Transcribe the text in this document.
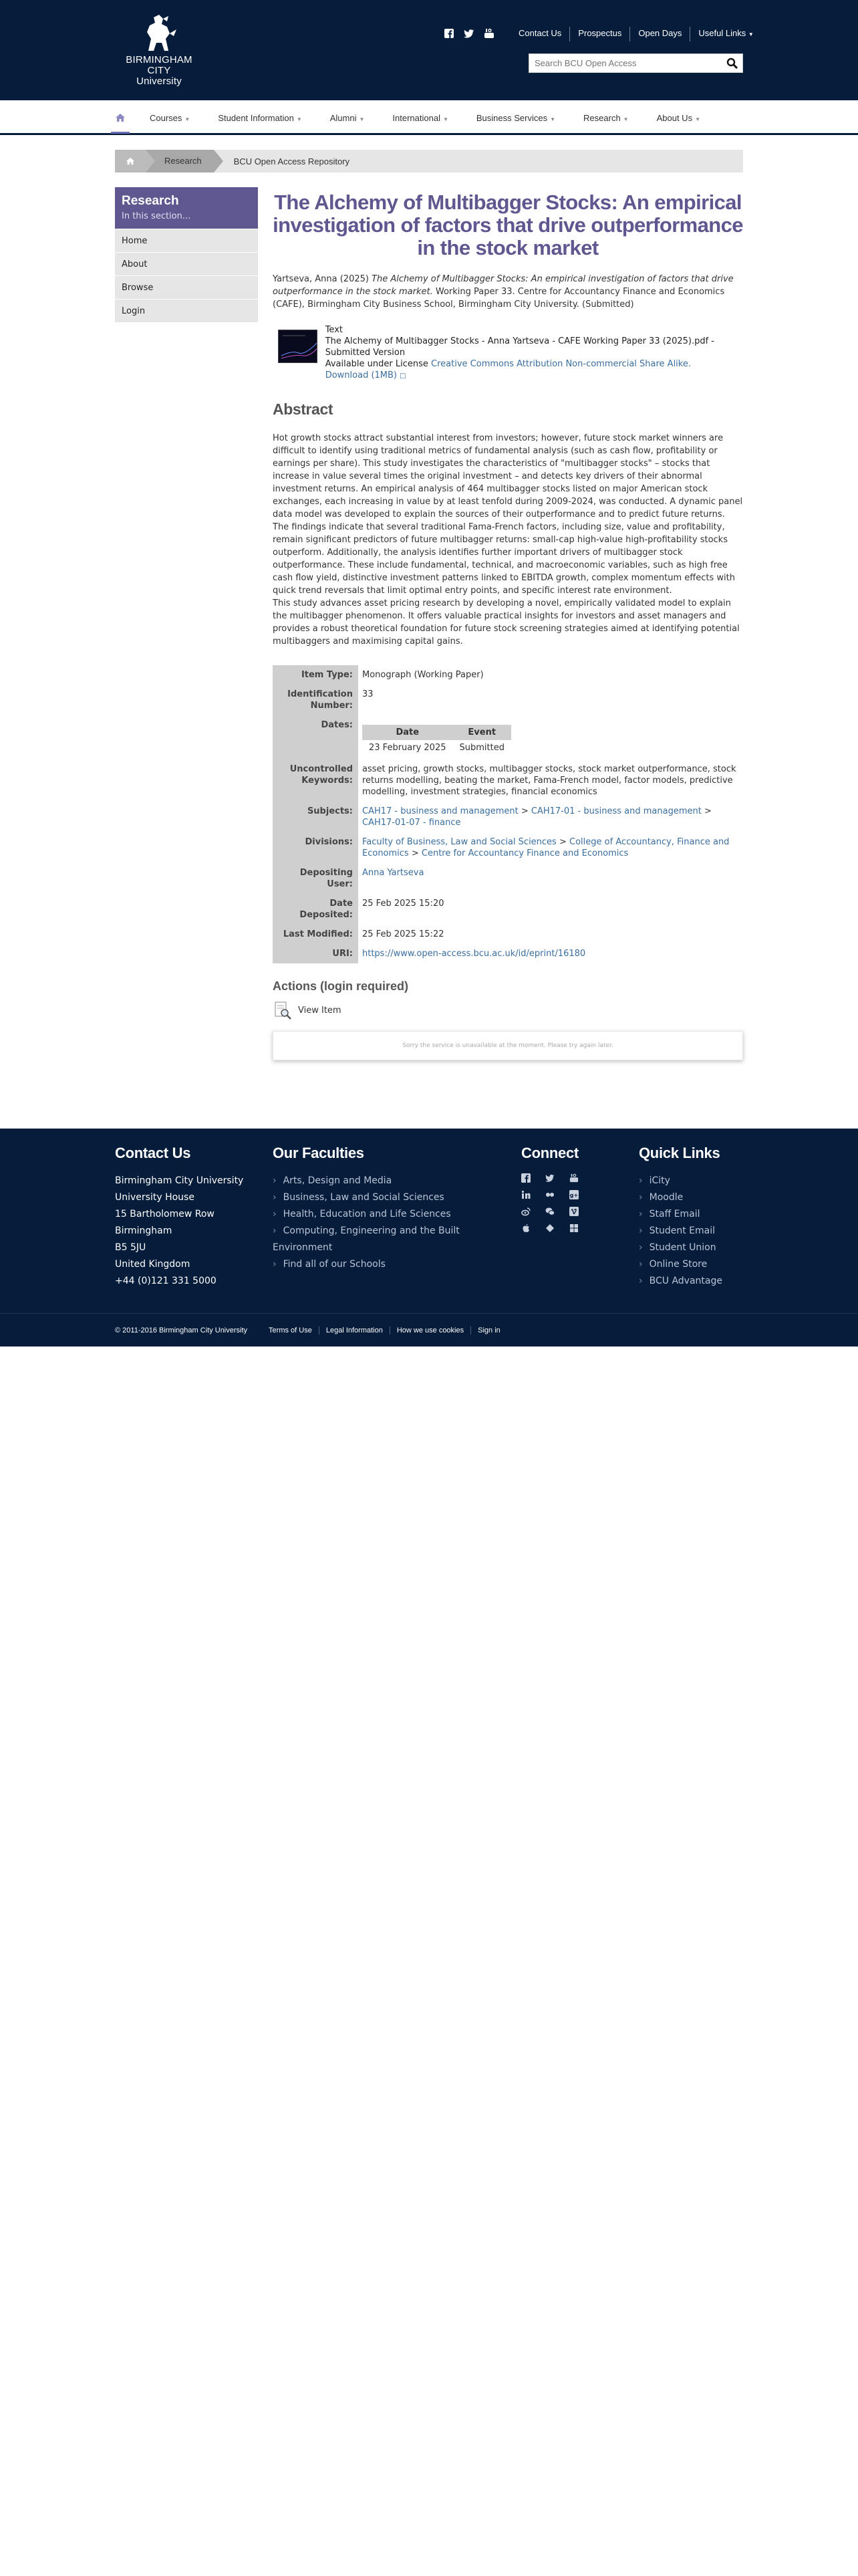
BIRMINGHAM CITY
University
Contact Us	Prospectus	Open Days	Useful Links ▼
Search BCU Open Access
Courses ▼	Student Information ▼	Alumni ▼	International ▼	Business Services ▼	Research ▼	About Us ▼
Research	BCU Open Access Repository
Research
In this section...
Home
About
Browse
Login
The Alchemy of Multibagger Stocks: An empirical investigation of factors that drive outperformance in the stock market

Yartseva, Anna (2025) The Alchemy of Multibagger Stocks: An empirical investigation of factors that drive outperformance in the stock market. Working Paper 33. Centre for Accountancy Finance and Economics (CAFE), Birmingham City Business School, Birmingham City University. (Submitted)

Text
The Alchemy of Multibagger Stocks - Anna Yartseva - CAFE Working Paper 33 (2025).pdf - Submitted Version
Available under License Creative Commons Attribution Non-commercial Share Alike.
Download (1MB) □
Abstract

Hot growth stocks attract substantial interest from investors; however, future stock market winners are difficult to identify using traditional metrics of fundamental analysis (such as cash flow, profitability or earnings per share). This study investigates the characteristics of "multibagger stocks" – stocks that increase in value several times the original investment – and detects key drivers of their abnormal investment returns. An empirical analysis of 464 multibagger stocks listed on major American stock exchanges, each increasing in value by at least tenfold during 2009-2024, was conducted. A dynamic panel data model was developed to explain the sources of their outperformance and to predict future returns. The findings indicate that several traditional Fama-French factors, including size, value and profitability, remain significant predictors of future multibagger returns: small-cap high-value high-profitability stocks outperform. Additionally, the analysis identifies further important drivers of multibagger stock outperformance. These include fundamental, technical, and macroeconomic variables, such as high free cash flow yield, distinctive investment patterns linked to EBITDA growth, complex momentum effects with quick trend reversals that limit optimal entry points, and specific interest rate environment.

This study advances asset pricing research by developing a novel, empirically validated model to explain the multibagger phenomenon. It offers valuable practical insights for investors and asset managers and provides a robust theoretical foundation for future stock screening strategies aimed at identifying potential multibaggers and maximising capital gains.

Item Type:	Monograph (Working Paper)
Identification Number:	33
Dates:	
Date	Event
23 February 2025	Submitted

Uncontrolled Keywords:	asset pricing, growth stocks, multibagger stocks, stock market outperformance, stock returns modelling, beating the market, Fama-French model, factor models, predictive modelling, investment strategies, financial economics
Subjects:	CAH17 - business and management > CAH17-01 - business and management > CAH17-01-07 - finance
Divisions:	Faculty of Business, Law and Social Sciences > College of Accountancy, Finance and Economics > Centre for Accountancy Finance and Economics
Depositing User:	Anna Yartseva
Date Deposited:	25 Feb 2025 15:20
Last Modified:	25 Feb 2025 15:22
URI:	https://www.open-access.bcu.ac.uk/id/eprint/16180
Actions (login required)
View Item
Sorry the service is unavailable at the moment. Please try again later.
Contact Us
Birmingham City University
University House
15 Bartholomew Row
Birmingham
B5 5JU
United Kingdom
+44 (0)121 331 5000
Our Faculties
› Arts, Design and Media
› Business, Law and Social Sciences
› Health, Education and Life Sciences
› Computing, Engineering and the Built Environment
› Find all of our Schools
Connect
g+
Quick Links
› iCity
› Moodle
› Staff Email
› Student Email
› Student Union
› Online Store
› BCU Advantage
© 2011-2016 Birmingham City University	Terms of Use	Legal Information	How we use cookies	Sign in
